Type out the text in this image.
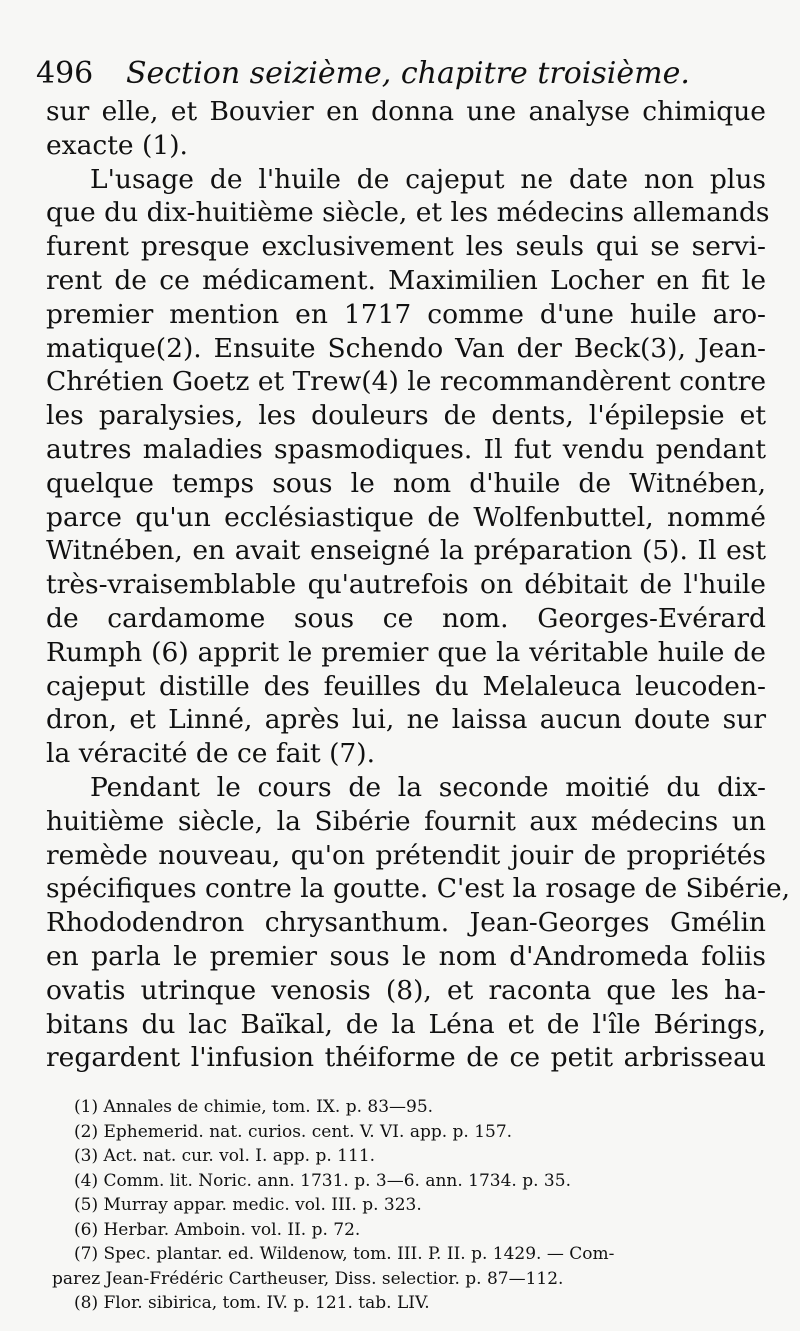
496 Section seizième, chapitre troisième.
sur elle, et Bouvier en donna une analyse chimique
exacte (1).
L'usage de l'huile de cajeput ne date non plus
que du dix-huitième siècle, et les médecins allemands
furent presque exclusivement les seuls qui se servi-
rent de ce médicament. Maximilien Locher en fit le
premier mention en 1717 comme d'une huile aro-
matique(2). Ensuite Schendo Van der Beck(3), Jean-
Chrétien Goetz et Trew(4) le recommandèrent contre
les paralysies, les douleurs de dents, l'épilepsie et
autres maladies spasmodiques. Il fut vendu pendant
quelque temps sous le nom d'huile de Witnében,
parce qu'un ecclésiastique de Wolfenbuttel, nommé
Witnében, en avait enseigné la préparation (5). Il est
très-vraisemblable qu'autrefois on débitait de l'huile
de cardamome sous ce nom. Georges-Evérard
Rumph (6) apprit le premier que la véritable huile de
cajeput distille des feuilles du Melaleuca leucoden-
dron, et Linné, après lui, ne laissa aucun doute sur
la véracité de ce fait (7).
Pendant le cours de la seconde moitié du dix-
huitième siècle, la Sibérie fournit aux médecins un
remède nouveau, qu'on prétendit jouir de propriétés
spécifiques contre la goutte. C'est la rosage de Sibérie,
Rhododendron chrysanthum. Jean-Georges Gmélin
en parla le premier sous le nom d'Andromeda foliis
ovatis utrinque venosis (8), et raconta que les ha-
bitans du lac Baïkal, de la Léna et de l'île Bérings,
regardent l'infusion théiforme de ce petit arbrisseau
(1) Annales de chimie, tom. IX. p. 83—95.
(2) Ephemerid. nat. curios. cent. V. VI. app. p. 157.
(3) Act. nat. cur. vol. I. app. p. 111.
(4) Comm. lit. Noric. ann. 1731. p. 3—6. ann. 1734. p. 35.
(5) Murray appar. medic. vol. III. p. 323.
(6) Herbar. Amboin. vol. II. p. 72.
(7) Spec. plantar. ed. Wildenow, tom. III. P. II. p. 1429. — Com-
parez Jean-Frédéric Cartheuser, Diss. selectior. p. 87—112.
(8) Flor. sibirica, tom. IV. p. 121. tab. LIV.
